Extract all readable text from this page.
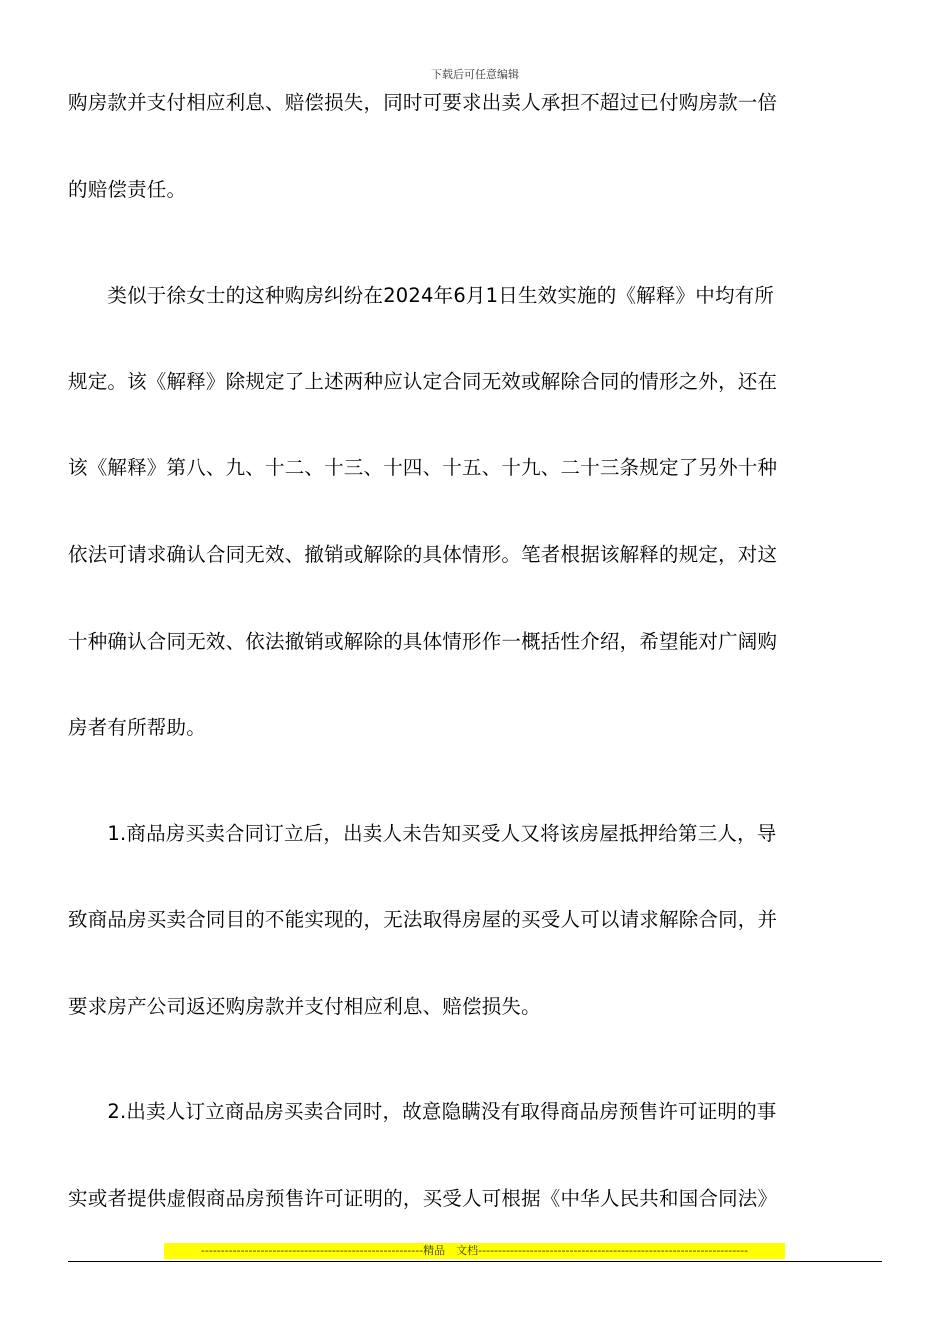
下载后可任意编辑
购房款并支付相应利息、赔偿损失，同时可要求出卖人承担不超过已付购房款一倍
的赔偿责任。
　　类似于徐女士的这种购房纠纷在2024年6月1日生效实施的《解释》中均有所
规定。该《解释》除规定了上述两种应认定合同无效或解除合同的情形之外，还在
该《解释》第八、九、十二、十三、十四、十五、十九、二十三条规定了另外十种
依法可请求确认合同无效、撤销或解除的具体情形。笔者根据该解释的规定，对这
十种确认合同无效、依法撤销或解除的具体情形作一概括性介绍，希望能对广阔购
房者有所帮助。
　　1.商品房买卖合同订立后，出卖人未告知买受人又将该房屋抵押给第三人，导
致商品房买卖合同目的不能实现的，无法取得房屋的买受人可以请求解除合同，并
要求房产公司返还购房款并支付相应利息、赔偿损失。
　　2.出卖人订立商品房买卖合同时，故意隐瞒没有取得商品房预售许可证明的事
实或者提供虚假商品房预售许可证明的，买受人可根据《中华人民共和国合同法》
--------------------------------------------------------精品　文档--------------------------------------------------------------------
